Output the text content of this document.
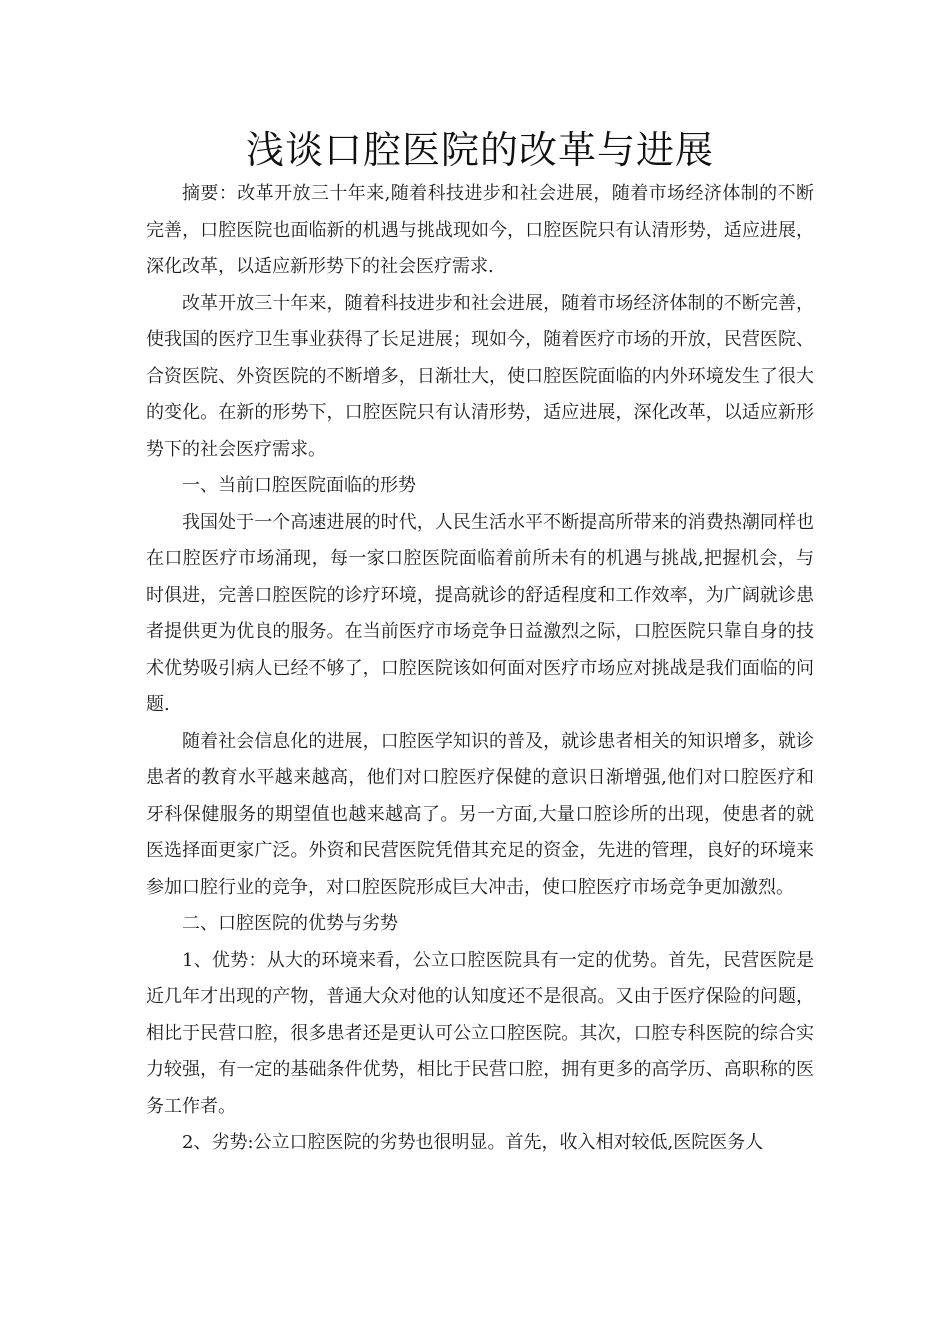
浅谈口腔医院的改革与进展

摘要：改革开放三十年来,随着科技进步和社会进展，随着市场经济体制的不断完善，口腔医院也面临新的机遇与挑战现如今，口腔医院只有认清形势，适应进展，深化改革，以适应新形势下的社会医疗需求.

改革开放三十年来，随着科技进步和社会进展，随着市场经济体制的不断完善，使我国的医疗卫生事业获得了长足进展；现如今，随着医疗市场的开放，民营医院、合资医院、外资医院的不断增多，日渐壮大，使口腔医院面临的内外环境发生了很大的变化。在新的形势下，口腔医院只有认清形势，适应进展，深化改革，以适应新形势下的社会医疗需求。

一、当前口腔医院面临的形势

我国处于一个高速进展的时代，人民生活水平不断提高所带来的消费热潮同样也在口腔医疗市场涌现，每一家口腔医院面临着前所未有的机遇与挑战,把握机会，与时俱进，完善口腔医院的诊疗环境，提高就诊的舒适程度和工作效率，为广阔就诊患者提供更为优良的服务。在当前医疗市场竞争日益激烈之际，口腔医院只靠自身的技术优势吸引病人已经不够了，口腔医院该如何面对医疗市场应对挑战是我们面临的问题.

随着社会信息化的进展，口腔医学知识的普及，就诊患者相关的知识增多，就诊患者的教育水平越来越高，他们对口腔医疗保健的意识日渐增强,他们对口腔医疗和牙科保健服务的期望值也越来越高了。另一方面,大量口腔诊所的出现，使患者的就医选择面更家广泛。外资和民营医院凭借其充足的资金，先进的管理，良好的环境来参加口腔行业的竞争，对口腔医院形成巨大冲击，使口腔医疗市场竞争更加激烈。

二、口腔医院的优势与劣势

1、优势：从大的环境来看，公立口腔医院具有一定的优势。首先，民营医院是近几年才出现的产物，普通大众对他的认知度还不是很高。又由于医疗保险的问题，相比于民营口腔，很多患者还是更认可公立口腔医院。其次，口腔专科医院的综合实力较强，有一定的基础条件优势，相比于民营口腔，拥有更多的高学历、高职称的医务工作者。

2、劣势:公立口腔医院的劣势也很明显。首先，收入相对较低,医院医务人
